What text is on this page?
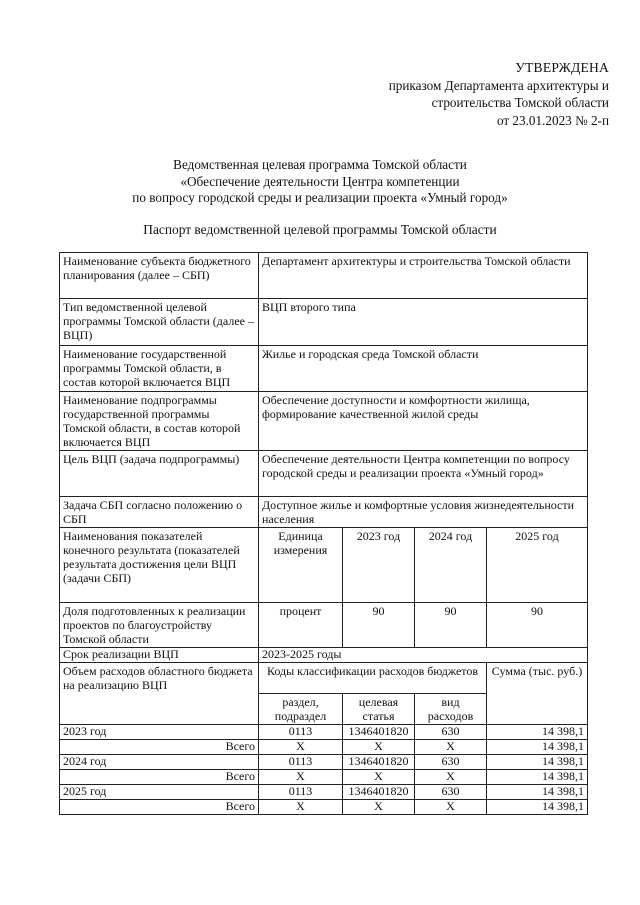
УТВЕРЖДЕНА
приказом Департамента архитектуры и
строительства Томской области
от 23.01.2023 № 2-п
Ведомственная целевая программа Томской области
«Обеспечение деятельности Центра компетенции
по вопросу городской среды и реализации проекта «Умный город»
Паспорт ведомственной целевой программы Томской области
Наименование субъекта бюджетного планирования (далее – СБП)	Департамент архитектуры и строительства Томской области			
Тип ведомственной целевой программы Томской области (далее – ВЦП)	ВЦП второго типа			
Наименование государственной программы Томской области, в состав которой включается ВЦП	Жилье и городская среда Томской области			
Наименование подпрограммы государственной программы Томской области, в состав которой включается ВЦП	Обеспечение доступности и комфортности жилища, формирование качественной жилой среды			
Цель ВЦП (задача подпрограммы)	Обеспечение деятельности Центра компетенции по вопросу городской среды и реализации проекта «Умный город»			
Задача СБП согласно положению о СБП	Доступное жилье и комфортные условия жизнедеятельности населения			
Наименования показателей конечного результата (показателей результата достижения цели ВЦП (задачи СБП)	Единица измерения	2023 год	2024 год	2025 год
Доля подготовленных к реализации проектов по благоустройству Томской области	процент	90	90	90
Срок реализации ВЦП	2023-2025 годы			
Объем расходов областного бюджета на реализацию ВЦП	Коды классификации расходов бюджетов			Сумма (тыс. руб.)
	раздел, подраздел	целевая статья	вид расходов	
2023 год	0113	1346401820	630	14 398,1
Всего	Х	Х	Х	14 398,1
2024 год	0113	1346401820	630	14 398,1
Всего	Х	Х	Х	14 398,1
2025 год	0113	1346401820	630	14 398,1
Всего	Х	Х	Х	14 398,1
